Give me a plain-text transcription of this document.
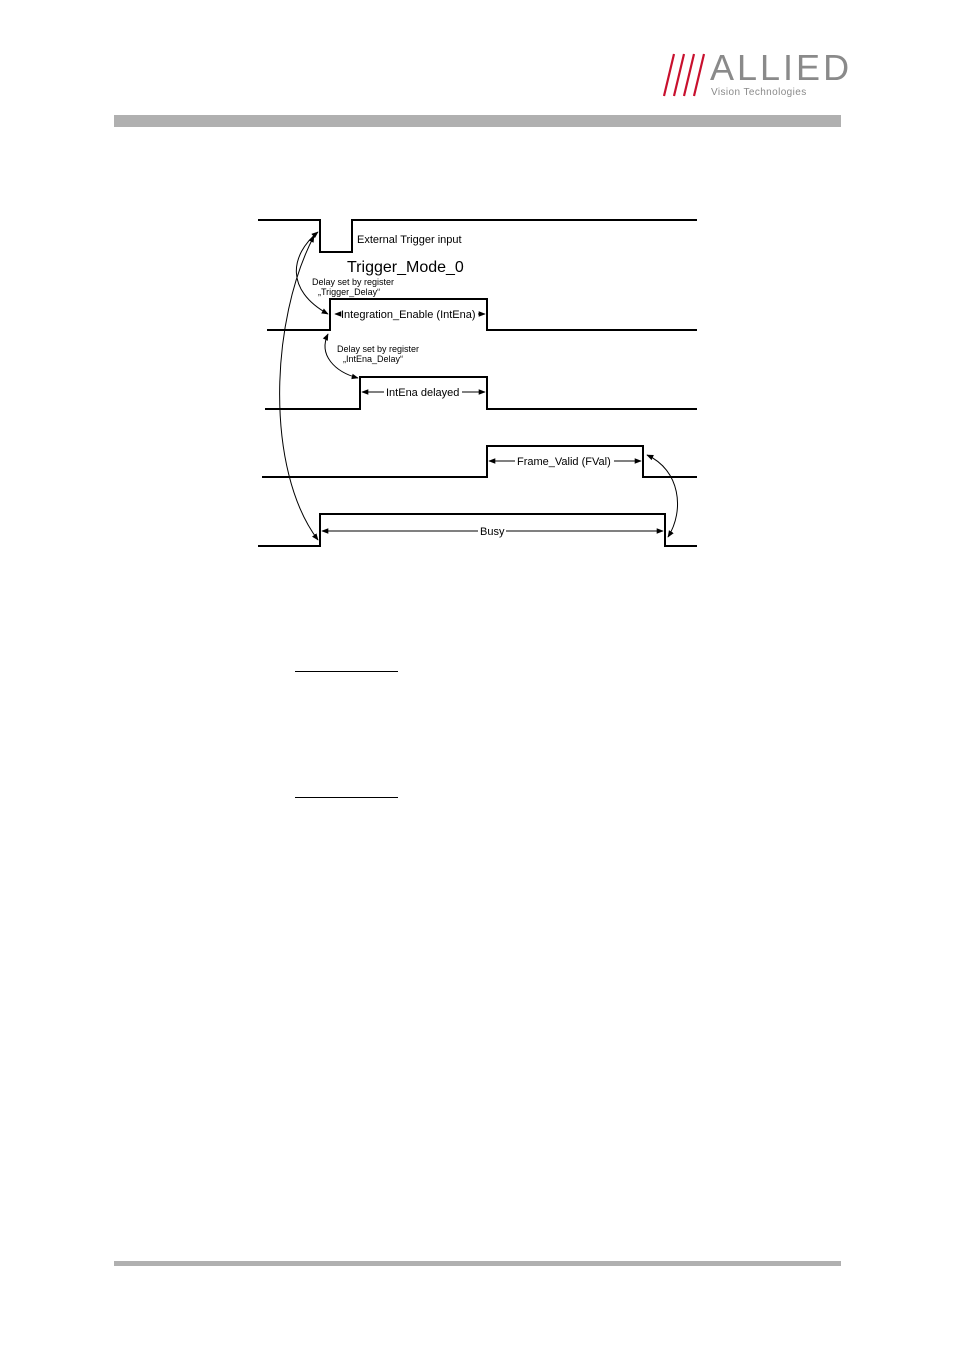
ALLIED
Vision Technologies
External Trigger input
Trigger_Mode_0
Delay set by register
„Trigger_Delay“
Integration_Enable (IntEna)
Delay set by register
„IntEna_Delay“
IntEna delayed
Frame_Valid (FVal)
Busy
